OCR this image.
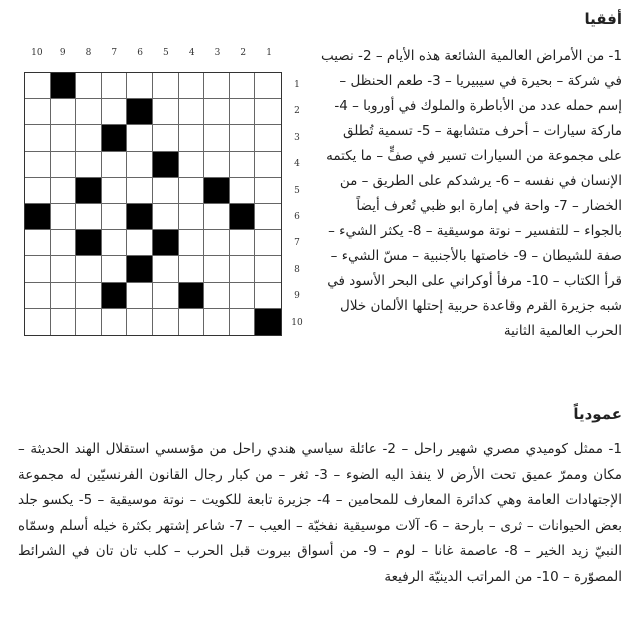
أفقيا
1- من الأمراض العالمية الشائعة هذه الأيام – 2- نصيب في شركة – بحيرة في سيبيريا – 3- طعم الحنظل – إسم حمله عدد من الأباطرة والملوك في أوروبا – 4- ماركة سيارات – أحرف متشابهة – 5- تسمية تُطلق على مجموعة من السيارات تسير في صفٍّ – ما يكتمه الإنسان في نفسه – 6- يرشدكم على الطريق – من الخضار – 7- واحة في إمارة ابو ظبي تُعرف أيضاً بالجواء – للتفسير – نوتة موسيقية – 8- يكثر الشيء – صفة للشيطان – 9- خاصتها بالأجنبية – مسّ الشيء – قرأ الكتاب – 10- مرفأ أوكراني على البحر الأسود في شبه جزيرة القرم وقاعدة حربية إحتلها الألمان خلال الحرب العالمية الثانية
10	9	8	7	6	5	4	3	2	1
1
2
3
4
5
6
7
8
9
10
عمودياً
1- ممثل كوميدي مصري شهير راحل – 2- عائلة سياسي هندي راحل من مؤسسي استقلال الهند الحديثة – مكان وممرّ عميق تحت الأرض لا ينفذ اليه الضوء – 3- ثغر – من كبار رجال القانون الفرنسيّين له مجموعة الإجتهادات العامة وهي كدائرة المعارف للمحامين – 4- جزيرة تابعة للكويت – نوتة موسيقية – 5- يكسو جلد بعض الحيوانات – ثرى – بارحة – 6- آلات موسيقية نفخيّة – العيب – 7- شاعر إشتهر بكثرة خيله أسلم وسمّاه النبيّ زيد الخير – 8- عاصمة غانا – لوم – 9- من أسواق بيروت قبل الحرب – كلب تان تان في الشرائط المصوّرة – 10- من المراتب الدينيّة الرفيعة
